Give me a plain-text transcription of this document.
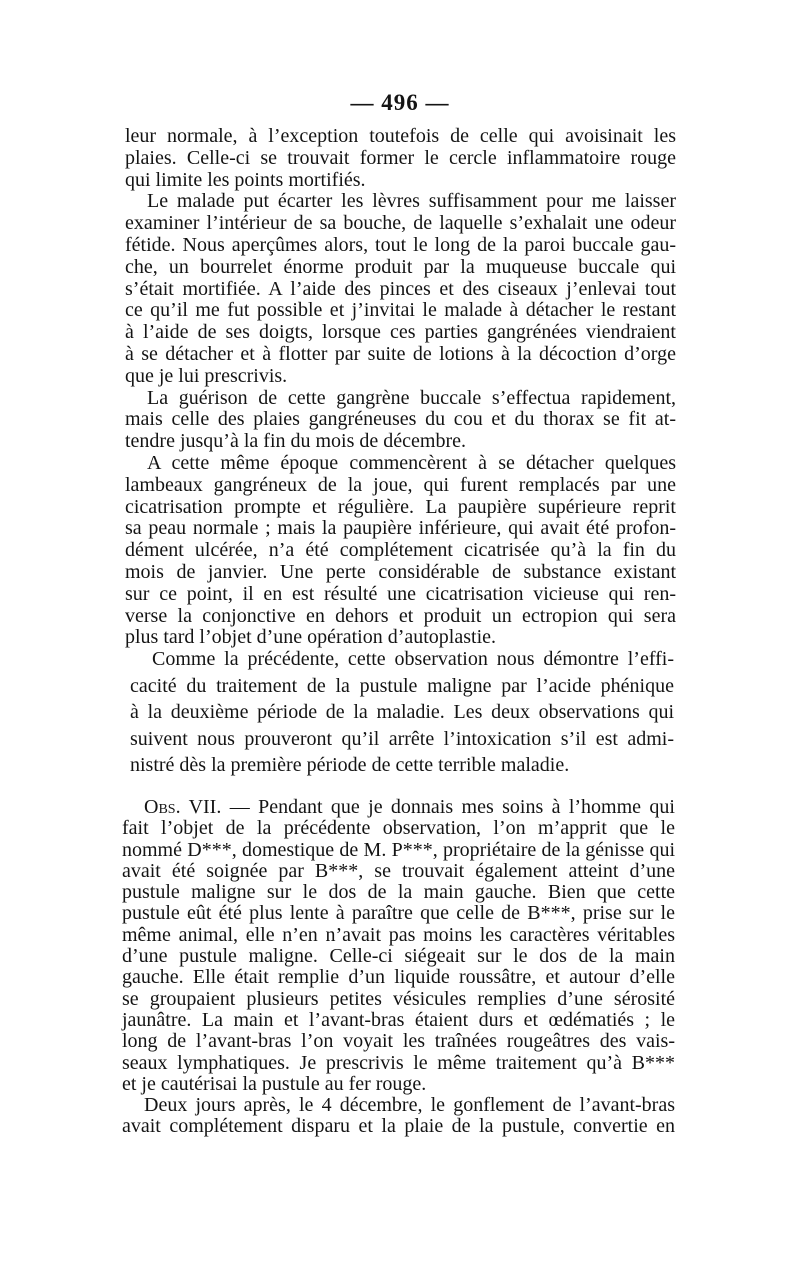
— 496 —
leur normale, à l’exception toutefois de celle qui avoisinait les
plaies. Celle-ci se trouvait former le cercle inflammatoire rouge
qui limite les points mortifiés.
Le malade put écarter les lèvres suffisamment pour me laisser
examiner l’intérieur de sa bouche, de laquelle s’exhalait une odeur
fétide. Nous aperçûmes alors, tout le long de la paroi buccale gau-
che, un bourrelet énorme produit par la muqueuse buccale qui
s’était mortifiée. A l’aide des pinces et des ciseaux j’enlevai tout
ce qu’il me fut possible et j’invitai le malade à détacher le restant
à l’aide de ses doigts, lorsque ces parties gangrénées viendraient
à se détacher et à flotter par suite de lotions à la décoction d’orge
que je lui prescrivis.
La guérison de cette gangrène buccale s’effectua rapidement,
mais celle des plaies gangréneuses du cou et du thorax se fit at-
tendre jusqu’à la fin du mois de décembre.
A cette même époque commencèrent à se détacher quelques
lambeaux gangréneux de la joue, qui furent remplacés par une
cicatrisation prompte et régulière. La paupière supérieure reprit
sa peau normale ; mais la paupière inférieure, qui avait été profon-
dément ulcérée, n’a été complétement cicatrisée qu’à la fin du
mois de janvier. Une perte considérable de substance existant
sur ce point, il en est résulté une cicatrisation vicieuse qui ren-
verse la conjonctive en dehors et produit un ectropion qui sera
plus tard l’objet d’une opération d’autoplastie.
Comme la précédente, cette observation nous démontre l’effi-
cacité du traitement de la pustule maligne par l’acide phénique
à la deuxième période de la maladie. Les deux observations qui
suivent nous prouveront qu’il arrête l’intoxication s’il est admi-
nistré dès la première période de cette terrible maladie.
Obs. VII. — Pendant que je donnais mes soins à l’homme qui
fait l’objet de la précédente observation, l’on m’apprit que le
nommé D***, domestique de M. P***, propriétaire de la génisse qui
avait été soignée par B***, se trouvait également atteint d’une
pustule maligne sur le dos de la main gauche. Bien que cette
pustule eût été plus lente à paraître que celle de B***, prise sur le
même animal, elle n’en n’avait pas moins les caractères véritables
d’une pustule maligne. Celle-ci siégeait sur le dos de la main
gauche. Elle était remplie d’un liquide roussâtre, et autour d’elle
se groupaient plusieurs petites vésicules remplies d’une sérosité
jaunâtre. La main et l’avant-bras étaient durs et œdématiés ; le
long de l’avant-bras l’on voyait les traînées rougeâtres des vais-
seaux lymphatiques. Je prescrivis le même traitement qu’à B***
et je cautérisai la pustule au fer rouge.
Deux jours après, le 4 décembre, le gonflement de l’avant-bras
avait complétement disparu et la plaie de la pustule, convertie en
